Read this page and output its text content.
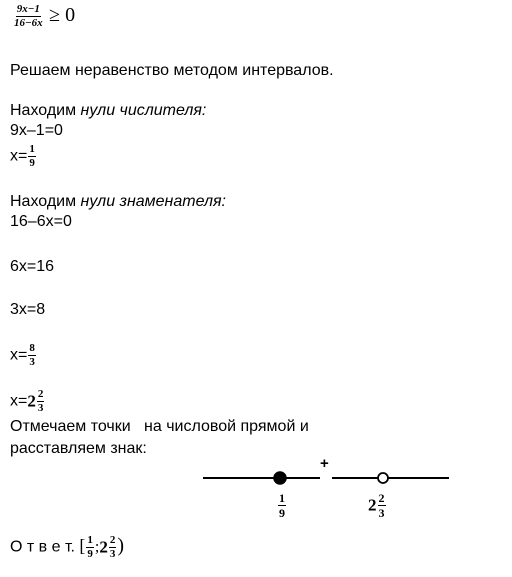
$\frac{9x-1}{16-6x} \ge 0$
Решаем неравенство методом интервалов.
Находим нули числителя:
9x–1=0
$x= \frac{1}{9}$
Находим нули знаменателя:
16–6x=0
6x=16
3x=8
$x= \frac{8}{3}$
$x=2 \frac{2}{3}$
Отмечаем точки   на числовой прямой и
расставляем знак:
+
$\frac{1}{9}$	$2 \frac{2}{3}$
О т в е т. [ $\frac{1}{9}$ ;2 $\frac{2}{3}$ )
